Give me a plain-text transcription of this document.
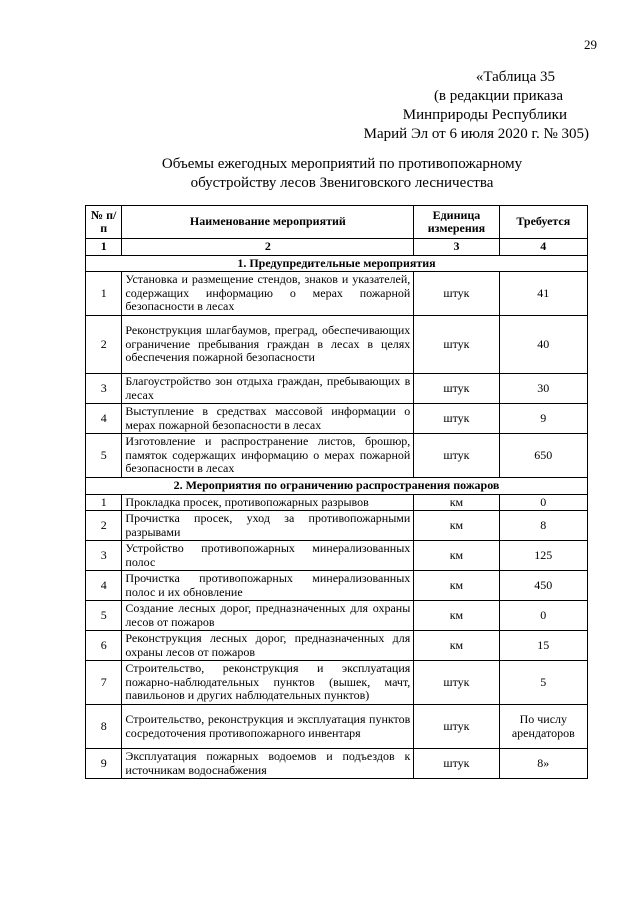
29
«Таблица 35
(в редакции приказа
Минприроды Республики
Марий Эл от 6 июля 2020 г. № 305)
Объемы ежегодных мероприятий по противопожарному
обустройству лесов Звениговского лесничества
№ п/п	Наименование мероприятий	Единица измерения	Требуется
1	2	3	4
1. Предупредительные мероприятия			
1	Установка и размещение стендов, знаков и указателей, содержащих информацию о мерах пожарной безопасности в лесах	штук	41
2	Реконструкция шлагбаумов, преград, обеспечивающих ограничение пребывания граждан в лесах в целях обеспечения пожарной безопасности	штук	40
3	Благоустройство зон отдыха граждан, пребывающих в лесах	штук	30
4	Выступление в средствах массовой информации о мерах пожарной безопасности в лесах	штук	9
5	Изготовление и распространение листов, брошюр, памяток содержащих информацию о мерах пожарной безопасности в лесах	штук	650
2. Мероприятия по ограничению распространения пожаров			
1	Прокладка просек, противопожарных разрывов	км	0
2	Прочистка просек, уход за противопожарными разрывами	км	8
3	Устройство противопожарных минерализованных полос	км	125
4	Прочистка противопожарных минерализованных полос и их обновление	км	450
5	Создание лесных дорог, предназначенных для охраны лесов от пожаров	км	0
6	Реконструкция лесных дорог, предназначенных для охраны лесов от пожаров	км	15
7	Строительство, реконструкция и эксплуатация пожарно-наблюдательных пунктов (вышек, мачт, павильонов и других наблюдательных пунктов)	штук	5
8	Строительство, реконструкция и эксплуатация пунктов сосредоточения противопожарного инвентаря	штук	По числу арендаторов
9	Эксплуатация пожарных водоемов и подъездов к источникам водоснабжения	штук	8»
